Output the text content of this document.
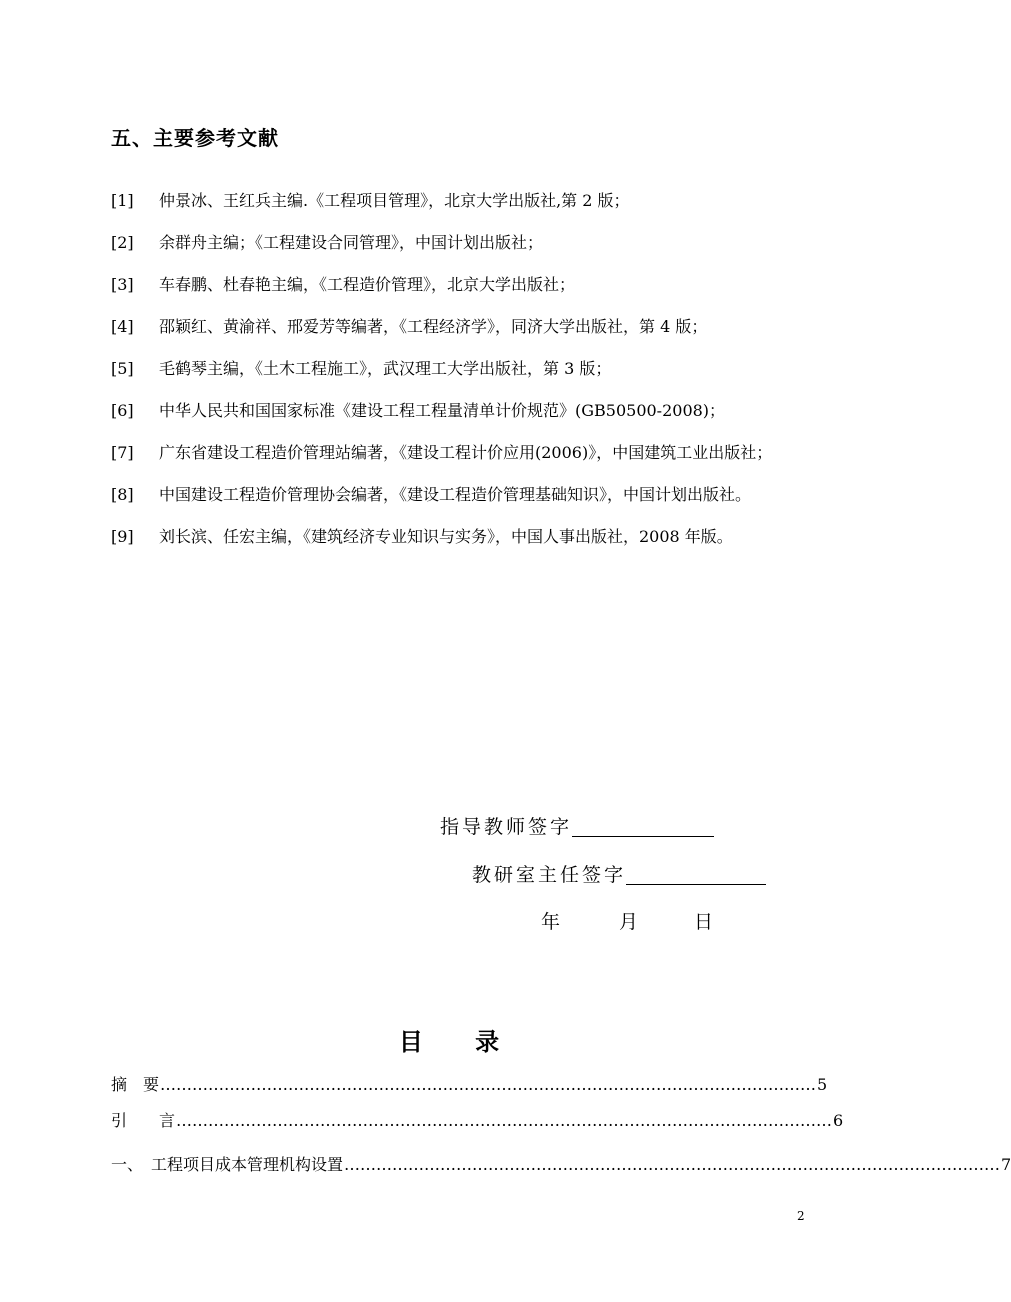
五、主要参考文献
[1]	仲景冰、王红兵主编.《工程项目管理》，北京大学出版社,第 2 版；
[2]	余群舟主编；《工程建设合同管理》，中国计划出版社；
[3]	车春鹏、杜春艳主编，《工程造价管理》，北京大学出版社；
[4]	邵颖红、黄渝祥、邢爱芳等编著，《工程经济学》，同济大学出版社，第 4 版；
[5]	毛鹤琴主编，《土木工程施工》，武汉理工大学出版社，第 3 版；
[6]	中华人民共和国国家标准《建设工程工程量清单计价规范》(GB50500-2008)；
[7]	广东省建设工程造价管理站编著，《建设工程计价应用(2006)》，中国建筑工业出版社；
[8]	中国建设工程造价管理协会编著，《建设工程造价管理基础知识》，中国计划出版社。
[9]	刘长滨、任宏主编，《建筑经济专业知识与实务》，中国人事出版社，2008 年版。
指导教师签字
教研室主任签字
年	月	日
目 录
摘　要 …………………………………………………………………………………………………………… 5
引　　言 …………………………………………………………………………………………………………… 6
一、　工程项目成本管理机构设置 …………………………………………………………………………………………………………… 7
2
